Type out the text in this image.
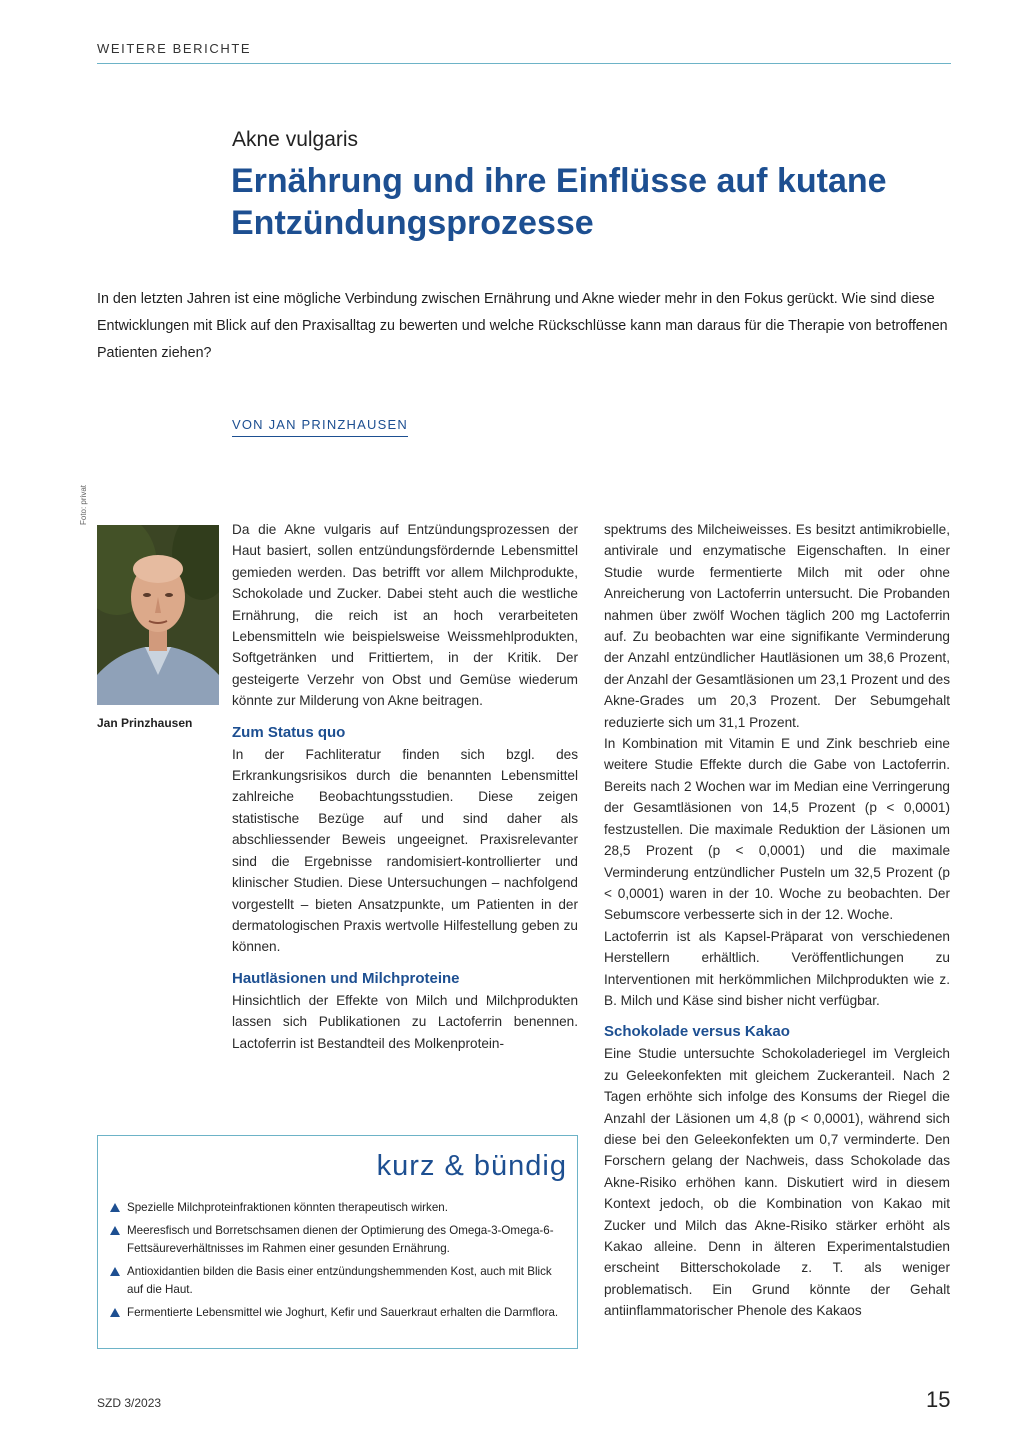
WEITERE BERICHTE
Akne vulgaris
Ernährung und ihre Einflüsse auf kutane Entzündungsprozesse

In den letzten Jahren ist eine mögliche Verbindung zwischen Ernährung und Akne wieder mehr in den Fokus gerückt. Wie sind diese Entwicklungen mit Blick auf den Praxisalltag zu bewerten und welche Rückschlüsse kann man daraus für die Therapie von betroffenen Patienten ziehen?

VON JAN PRINZHAUSEN
Foto: privat
Jan Prinzhausen

Da die Akne vulgaris auf Entzündungsprozessen der Haut basiert, sollen entzündungsfördernde Lebensmittel gemieden werden. Das betrifft vor allem Milchprodukte, Schokolade und Zucker. Dabei steht auch die westliche Ernährung, die reich ist an hoch verarbeiteten Lebensmitteln wie beispielsweise Weissmehlprodukten, Softgetränken und Frittiertem, in der Kritik. Der gesteigerte Verzehr von Obst und Gemüse wiederum könnte zur Milderung von Akne beitragen.

Zum Status quo

In der Fachliteratur finden sich bzgl. des Erkrankungsrisikos durch die benannten Lebensmittel zahlreiche Beobachtungsstudien. Diese zeigen statistische Bezüge auf und sind daher als abschliessender Beweis ungeeignet. Praxisrelevanter sind die Ergebnisse randomisiert-kontrollierter und klinischer Studien. Diese Untersuchungen – nachfolgend vorgestellt – bieten Ansatzpunkte, um Patienten in der dermatologischen Praxis wertvolle Hilfestellung geben zu können.

Hautläsionen und Milchproteine

Hinsichtlich der Effekte von Milch und Milchprodukten lassen sich Publikationen zu Lactoferrin benennen. Lactoferrin ist Bestandteil des Molkenprotein-

spektrums des Milcheiweisses. Es besitzt antimikrobielle, antivirale und enzymatische Eigenschaften. In einer Studie wurde fermentierte Milch mit oder ohne Anreicherung von Lactoferrin untersucht. Die Probanden nahmen über zwölf Wochen täglich 200 mg Lactoferrin auf. Zu beobachten war eine signifikante Verminderung der Anzahl entzündlicher Hautläsionen um 38,6 Prozent, der Anzahl der Gesamtläsionen um 23,1 Prozent und des Akne-Grades um 20,3 Prozent. Der Sebumgehalt reduzierte sich um 31,1 Prozent.

In Kombination mit Vitamin E und Zink beschrieb eine weitere Studie Effekte durch die Gabe von Lactoferrin. Bereits nach 2 Wochen war im Median eine Verringerung der Gesamtläsionen von 14,5 Prozent (p < 0,0001) festzustellen. Die maximale Reduktion der Läsionen um 28,5 Prozent (p < 0,0001) und die maximale Verminderung entzündlicher Pusteln um 32,5 Prozent (p < 0,0001) waren in der 10. Woche zu beobachten. Der Sebumscore verbesserte sich in der 12. Woche.

Lactoferrin ist als Kapsel-Präparat von verschiedenen Herstellern erhältlich. Veröffentlichungen zu Interventionen mit herkömmlichen Milchprodukten wie z. B. Milch und Käse sind bisher nicht verfügbar.

Schokolade versus Kakao

Eine Studie untersuchte Schokoladeriegel im Vergleich zu Geleekonfekten mit gleichem Zuckeranteil. Nach 2 Tagen erhöhte sich infolge des Konsums der Riegel die Anzahl der Läsionen um 4,8 (p < 0,0001), während sich diese bei den Geleekonfekten um 0,7 verminderte. Den Forschern gelang der Nachweis, dass Schokolade das Akne-Risiko erhöhen kann. Diskutiert wird in diesem Kontext jedoch, ob die Kombination von Kakao mit Zucker und Milch das Akne-Risiko stärker erhöht als Kakao alleine. Denn in älteren Experimentalstudien erscheint Bitterschokolade z. T. als weniger problematisch. Ein Grund könnte der Gehalt antiinflammatorischer Phenole des Kakaos

kurz & bündig
Spezielle Milchproteinfraktionen könnten therapeutisch wirken.
Meeresfisch und Borretschsamen dienen der Optimierung des Omega-3-Omega-6-Fettsäureverhältnisses im Rahmen einer gesunden Ernährung.
Antioxidantien bilden die Basis einer entzündungshemmenden Kost, auch mit Blick auf die Haut.
Fermentierte Lebensmittel wie Joghurt, Kefir und Sauerkraut erhalten die Darmflora.
SZD 3/2023	15
